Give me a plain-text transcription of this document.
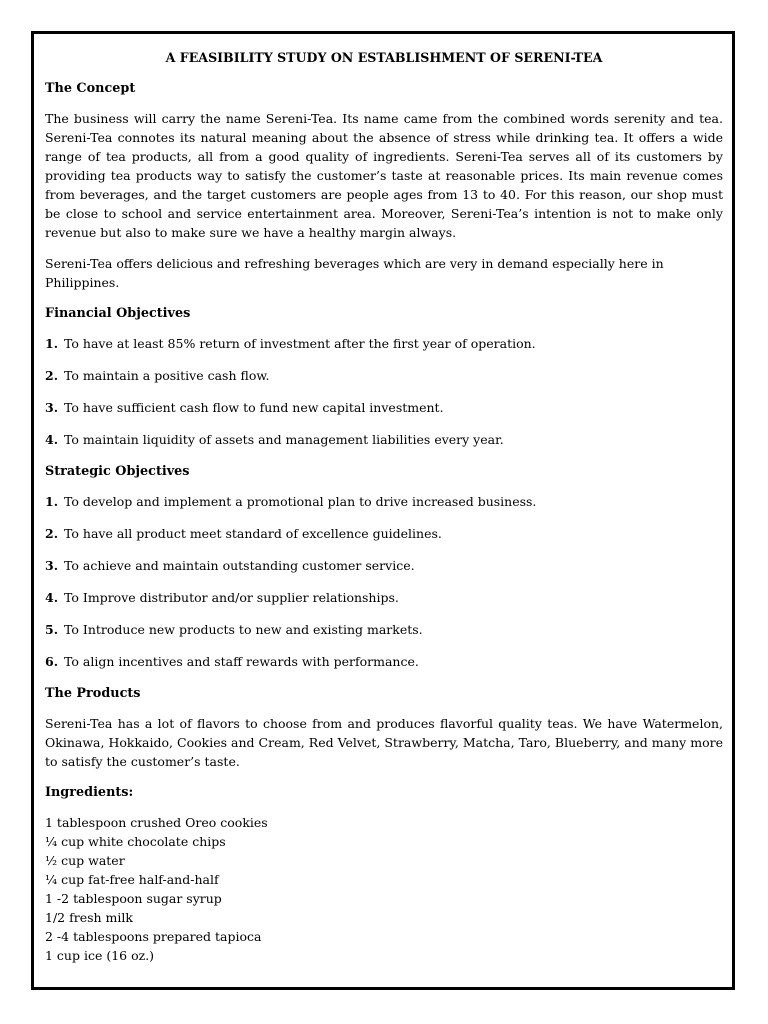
A FEASIBILITY STUDY ON ESTABLISHMENT OF SERENI-TEA
The Concept

The business will carry the name Sereni-Tea. Its name came from the combined words serenity and tea. Sereni-Tea connotes its natural meaning about the absence of stress while drinking tea. It offers a wide range of tea products, all from a good quality of ingredients. Sereni-Tea serves all of its customers by providing tea products way to satisfy the customer’s taste at reasonable prices. Its main revenue comes from beverages, and the target customers are people ages from 13 to 40. For this reason, our shop must be close to school and service entertainment area. Moreover, Sereni-Tea’s intention is not to make only revenue but also to make sure we have a healthy margin always.

Sereni-Tea offers delicious and refreshing beverages which are very in demand especially here in Philippines.

Financial Objectives
1. To have at least 85% return of investment after the first year of operation.
2. To maintain a positive cash flow.
3. To have sufficient cash flow to fund new capital investment.
4. To maintain liquidity of assets and management liabilities every year.
Strategic Objectives
1. To develop and implement a promotional plan to drive increased business.
2. To have all product meet standard of excellence guidelines.
3. To achieve and maintain outstanding customer service.
4. To Improve distributor and/or supplier relationships.
5. To Introduce new products to new and existing markets.
6. To align incentives and staff rewards with performance.
The Products

Sereni-Tea has a lot of flavors to choose from and produces flavorful quality teas. We have Watermelon, Okinawa, Hokkaido, Cookies and Cream, Red Velvet, Strawberry, Matcha, Taro, Blueberry, and many more to satisfy the customer’s taste.

Ingredients:
1 tablespoon crushed Oreo cookies
¼ cup white chocolate chips
½ cup water
¼ cup fat-free half-and-half
1 -2 tablespoon sugar syrup
1/2 fresh milk
2 -4 tablespoons prepared tapioca
1 cup ice (16 oz.)
